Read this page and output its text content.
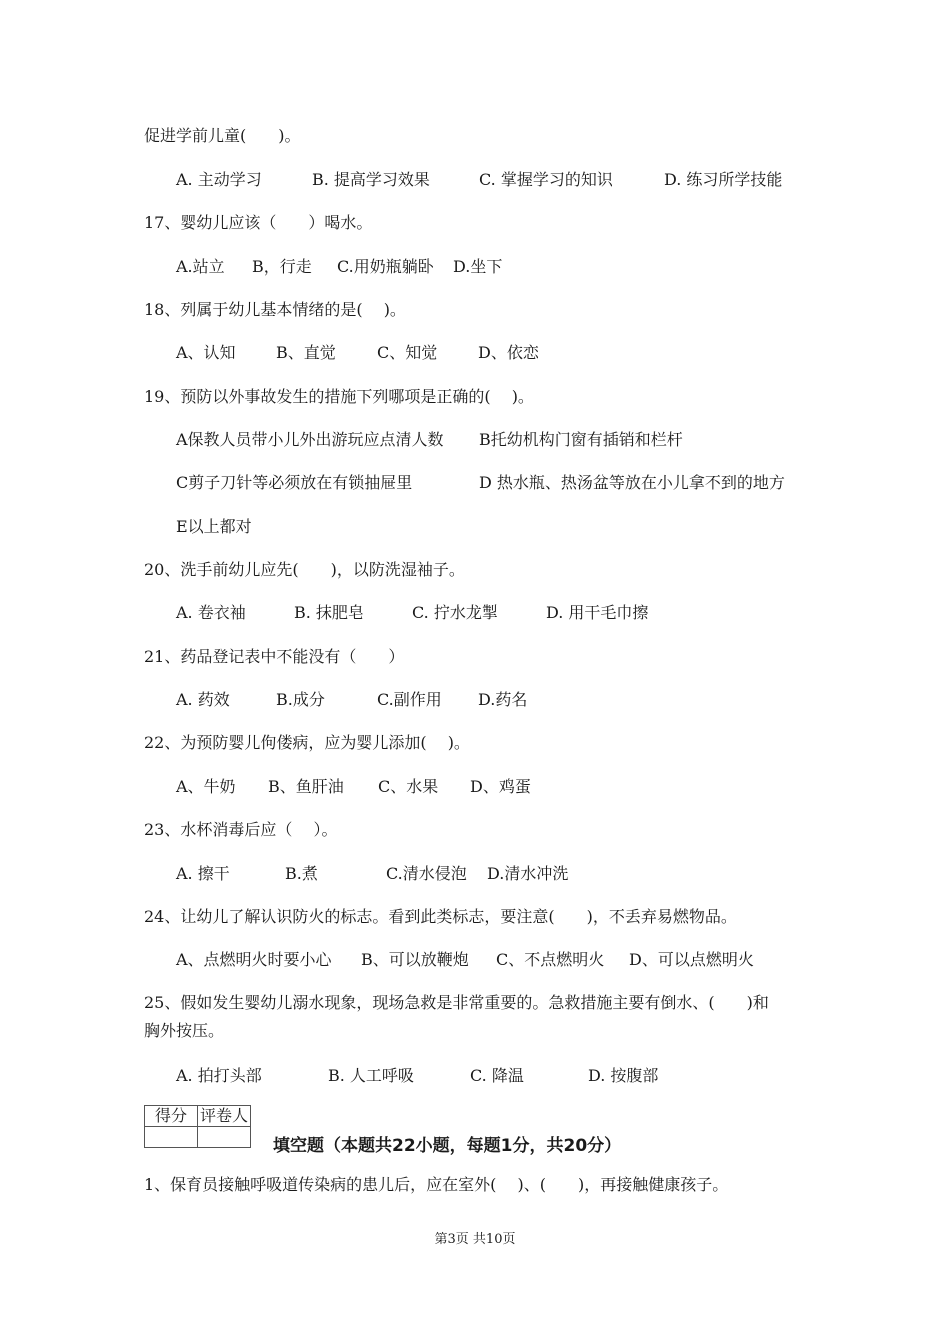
促进学前儿童(　　)。
A. 主动学习	B. 提高学习效果	C. 掌握学习的知识	D. 练习所学技能
17、婴幼儿应该（　　）喝水。
A.站立 B，行走 C.用奶瓶躺卧 D.坐下
18、列属于幼儿基本情绪的是(　 )。
A、认知	B、直觉	C、知觉	D、依恋
19、预防以外事故发生的措施下列哪项是正确的(　 )。
A保教人员带小儿外出游玩应点清人数 B托幼机构门窗有插销和栏杆
C剪子刀针等必须放在有锁抽屉里	D 热水瓶、热汤盆等放在小儿拿不到的地方
E以上都对
20、洗手前幼儿应先(　　)，以防洗湿袖子。
A. 卷衣袖	B. 抹肥皂	C. 拧水龙掣	D. 用干毛巾擦
21、药品登记表中不能没有（　　）
A. 药效	B.成分	C.副作用 D.药名
22、为预防婴儿佝偻病，应为婴儿添加(　 )。
A、牛奶 B、鱼肝油 C、水果 D、鸡蛋
23、水杯消毒后应（　 ）。
A. 擦干	B.煮	C.清水侵泡 D.清水冲洗
24、让幼儿了解认识防火的标志。看到此类标志，要注意(　　)，不丢弃易燃物品。
A、点燃明火时要小心 B、可以放鞭炮 C、不点燃明火 D、可以点燃明火
25、假如发生婴幼儿溺水现象，现场急救是非常重要的。急救措施主要有倒水、(　　)和
胸外按压。
A. 拍打头部	B. 人工呼吸	C. 降温	D. 按腹部
得分	评卷人

填空题（本题共22小题，每题1分，共20分）
1、保育员接触呼吸道传染病的患儿后，应在室外(　 )、(　　)，再接触健康孩子。
第3页 共10页
